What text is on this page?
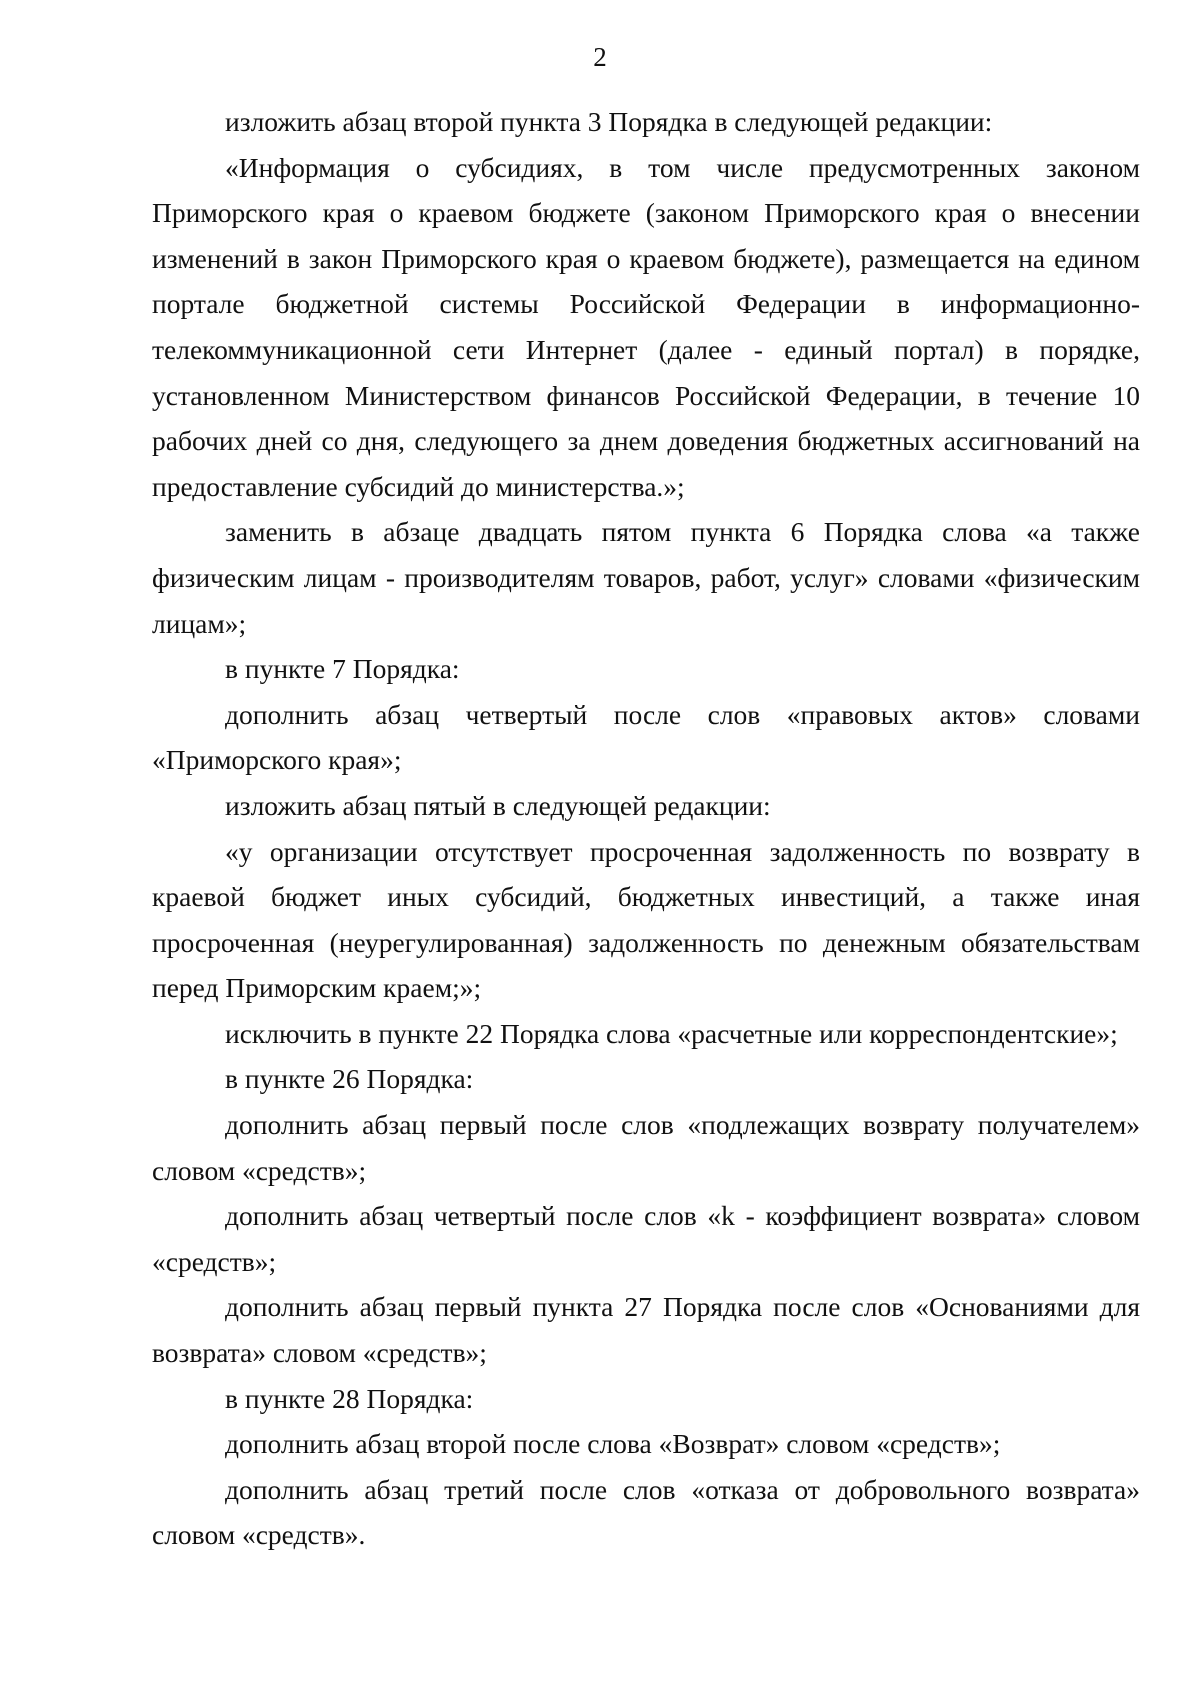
2

изложить абзац второй пункта 3 Порядка в следующей редакции:

«Информация о субсидиях, в том числе предусмотренных законом Приморского края о краевом бюджете (законом Приморского края о внесении изменений в закон Приморского края о краевом бюджете), размещается на едином портале бюджетной системы Российской Федерации в информационно-телекоммуникационной сети Интернет (далее - единый портал) в порядке, установленном Министерством финансов Российской Федерации, в течение 10 рабочих дней со дня, следующего за днем доведения бюджетных ассигнований на предоставление субсидий до министерства.»;

заменить в абзаце двадцать пятом пункта 6 Порядка слова «а также физическим лицам - производителям товаров, работ, услуг» словами «физическим лицам»;

в пункте 7 Порядка:

дополнить абзац четвертый после слов «правовых актов» словами «Приморского края»;

изложить абзац пятый в следующей редакции:

«у организации отсутствует просроченная задолженность по возврату в краевой бюджет иных субсидий, бюджетных инвестиций, а также иная просроченная (неурегулированная) задолженность по денежным обязательствам перед Приморским краем;»;

исключить в пункте 22 Порядка слова «расчетные или корреспондентские»;

в пункте 26 Порядка:

дополнить абзац первый после слов «подлежащих возврату получателем» словом «средств»;

дополнить абзац четвертый после слов «k - коэффициент возврата» словом «средств»;

дополнить абзац первый пункта 27 Порядка после слов «Основаниями для возврата» словом «средств»;

в пункте 28 Порядка:

дополнить абзац второй после слова «Возврат» словом «средств»;

дополнить абзац третий после слов «отказа от добровольного возврата» словом «средств».
